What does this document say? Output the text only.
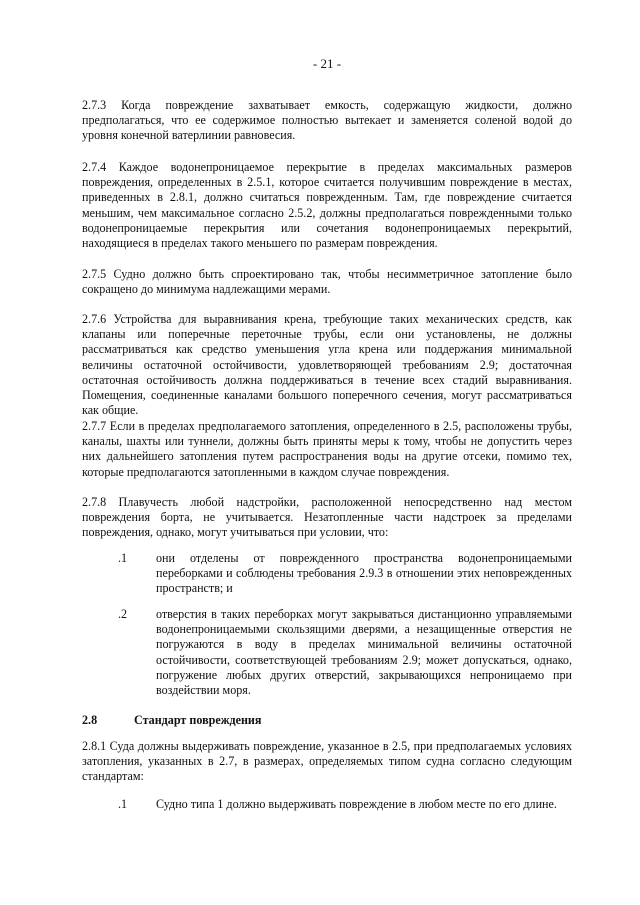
- 21 -

2.7.3 Когда повреждение захватывает емкость, содержащую жидкости, должно предполагаться, что ее содержимое полностью вытекает и заменяется соленой водой до уровня конечной ватерлинии равновесия.

2.7.4 Каждое водонепроницаемое перекрытие в пределах максимальных размеров повреждения, определенных в 2.5.1, которое считается получившим повреждение в местах, приведенных в 2.8.1, должно считаться поврежденным. Там, где повреждение считается меньшим, чем максимальное согласно 2.5.2, должны предполагаться поврежденными только водонепроницаемые перекрытия или сочетания водонепроницаемых перекрытий, находящиеся в пределах такого меньшего по размерам повреждения.

2.7.5 Судно должно быть спроектировано так, чтобы несимметричное затопление было сокращено до минимума надлежащими мерами.

2.7.6 Устройства для выравнивания крена, требующие таких механических средств, как клапаны или поперечные переточные трубы, если они установлены, не должны рассматриваться как средство уменьшения угла крена или поддержания минимальной величины остаточной остойчивости, удовлетворяющей требованиям 2.9; достаточная остаточная остойчивость должна поддерживаться в течение всех стадий выравнивания. Помещения, соединенные каналами большого поперечного сечения, могут рассматриваться как общие.

2.7.7 Если в пределах предполагаемого затопления, определенного в 2.5, расположены трубы, каналы, шахты или туннели, должны быть приняты меры к тому, чтобы не допустить через них дальнейшего затопления путем распространения воды на другие отсеки, помимо тех, которые предполагаются затопленными в каждом случае повреждения.

2.7.8 Плавучесть любой надстройки, расположенной непосредственно над местом повреждения борта, не учитывается. Незатопленные части надстроек за пределами повреждения, однако, могут учитываться при условии, что:

.1	они отделены от поврежденного пространства водонепроницаемыми переборками и соблюдены требования 2.9.3 в отношении этих неповрежденных пространств; и

.2	отверстия в таких переборках могут закрываться дистанционно управляемыми водонепроницаемыми скользящими дверями, а незащищенные отверстия не погружаются в воду в пределах минимальной величины остаточной остойчивости, соответствующей требованиям 2.9; может допускаться, однако, погружение любых других отверстий, закрывающихся непроницаемо при воздействии моря.

2.8	Стандарт повреждения

2.8.1 Суда должны выдерживать повреждение, указанное в 2.5, при предполагаемых условиях затопления, указанных в 2.7, в размерах, определяемых типом судна согласно следующим стандартам:

.1	Судно типа 1 должно выдерживать повреждение в любом месте по его длине.
